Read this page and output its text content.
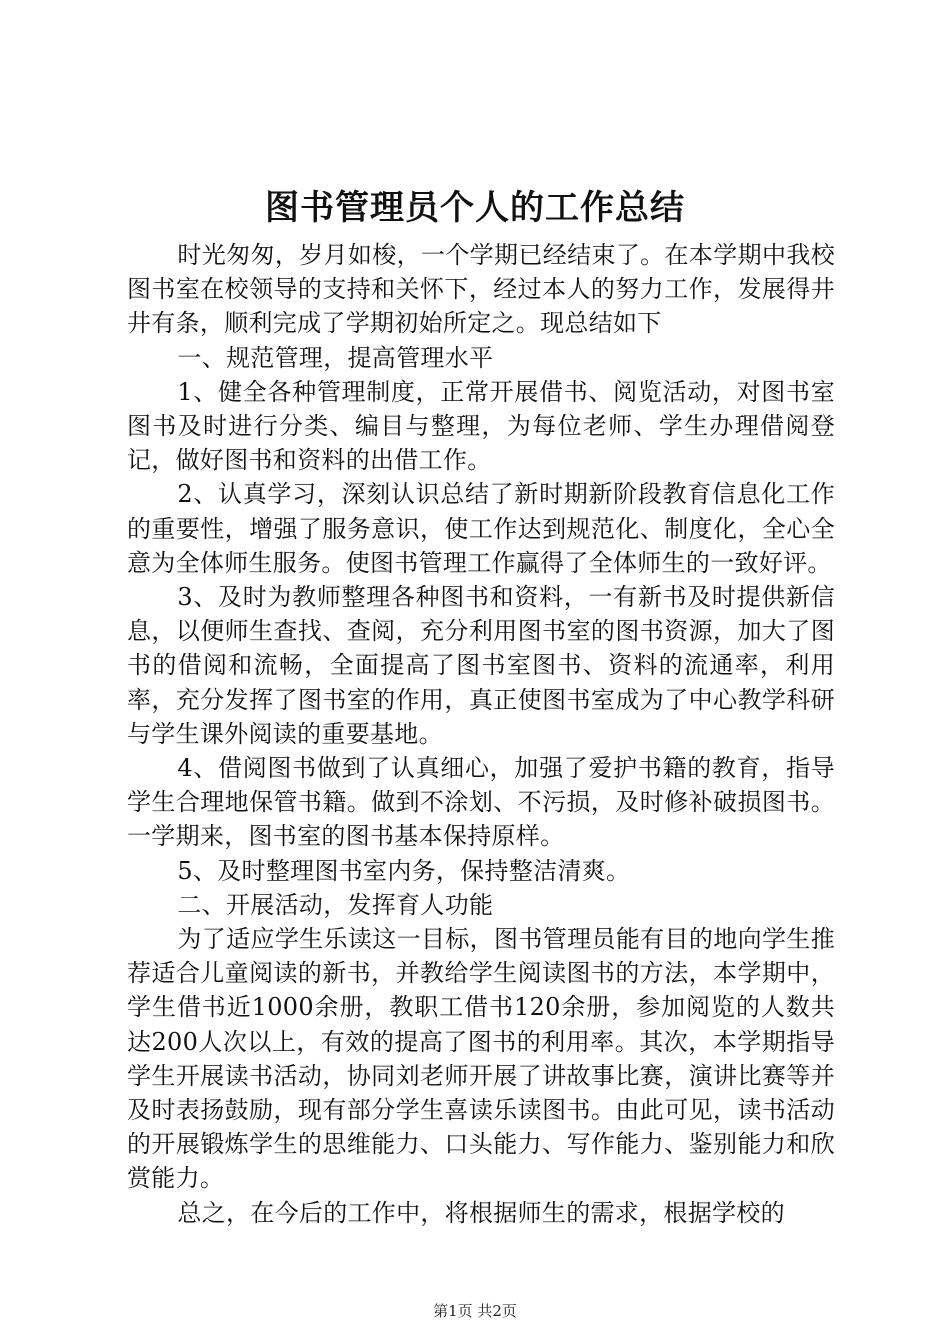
图书管理员个人的工作总结

时光匆匆，岁月如梭，一个学期已经结束了。在本学期中我校图书室在校领导的支持和关怀下，经过本人的努力工作，发展得井井有条，顺利完成了学期初始所定之。现总结如下

一、规范管理，提高管理水平

1、健全各种管理制度，正常开展借书、阅览活动，对图书室图书及时进行分类、编目与整理，为每位老师、学生办理借阅登记，做好图书和资料的出借工作。

2、认真学习，深刻认识总结了新时期新阶段教育信息化工作的重要性，增强了服务意识，使工作达到规范化、制度化，全心全意为全体师生服务。使图书管理工作赢得了全体师生的一致好评。

3、及时为教师整理各种图书和资料，一有新书及时提供新信息，以便师生查找、查阅，充分利用图书室的图书资源，加大了图书的借阅和流畅，全面提高了图书室图书、资料的流通率，利用率，充分发挥了图书室的作用，真正使图书室成为了中心教学科研与学生课外阅读的重要基地。

4、借阅图书做到了认真细心，加强了爱护书籍的教育，指导学生合理地保管书籍。做到不涂划、不污损，及时修补破损图书。一学期来，图书室的图书基本保持原样。

5、及时整理图书室内务，保持整洁清爽。

二、开展活动，发挥育人功能

为了适应学生乐读这一目标，图书管理员能有目的地向学生推荐适合儿童阅读的新书，并教给学生阅读图书的方法，本学期中，学生借书近1000余册，教职工借书120余册，参加阅览的人数共达200人次以上，有效的提高了图书的利用率。其次，本学期指导学生开展读书活动，协同刘老师开展了讲故事比赛，演讲比赛等并及时表扬鼓励，现有部分学生喜读乐读图书。由此可见，读书活动的开展锻炼学生的思维能力、口头能力、写作能力、鉴别能力和欣赏能力。

总之，在今后的工作中，将根据师生的需求，根据学校的

第1页 共2页
